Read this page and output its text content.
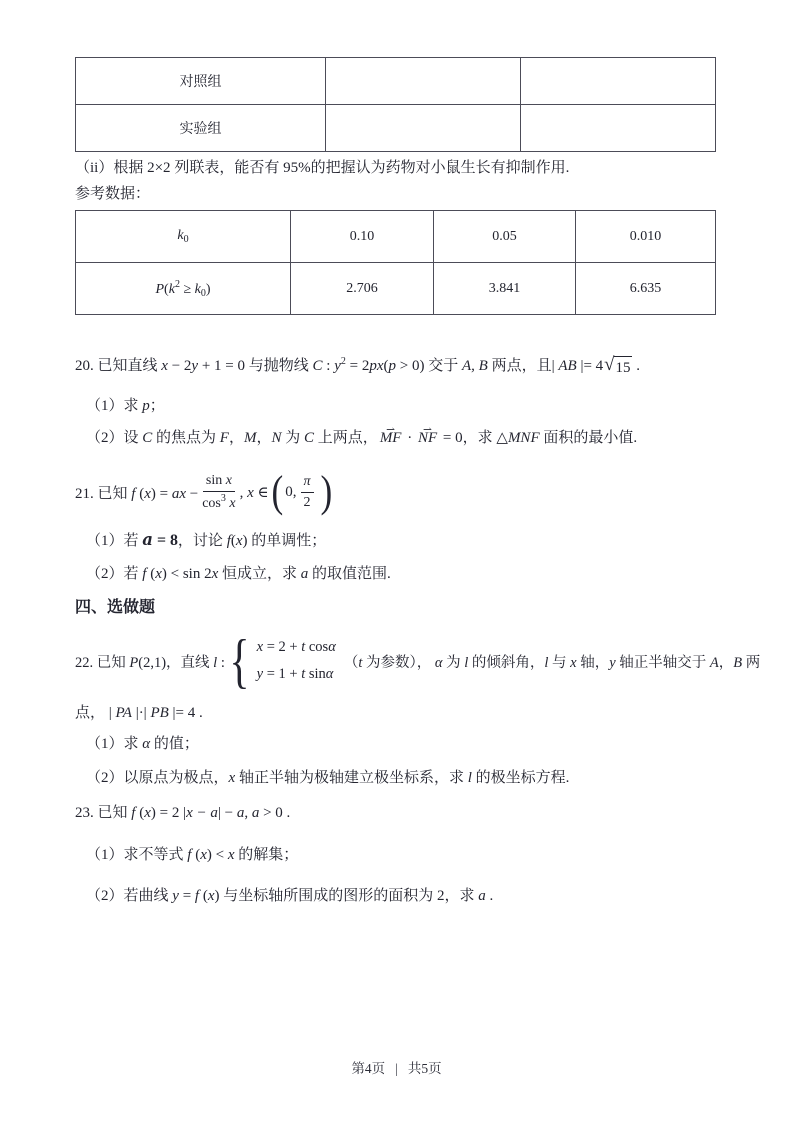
对照组		
实验组		
（ii）根据 2×2 列联表，能否有 95%的把握认为药物对小鼠生长有抑制作用.
参考数据：
$k_0$	0.10	0.05	0.010
$P(k^2 \ge k_0)$	2.706	3.841	6.635
20. 已知直线 x − 2y + 1 = 0 与抛物线 C : $y^2 = 2px(p > 0)$ 交于 A, B 两点，且| AB |= 4 √ 15 .
（1）求 p；
（2）设 C 的焦点为 F，M，N 为 C 上两点， MF ⇀ · NF ⇀ = 0，求 △MNF 面积的最小值.
21. 已知 f (x) = ax − $\frac{\text{sin x}}{\cos^3 x}$ , x ∈ ( 0, $\frac{\pi}{2}$ )
（1）若 a = 8，讨论 f(x) 的单调性；
（2）若 f (x) < sin 2x 恒成立，求 a 的取值范围.
四、选做题
22. 已知 P(2,1)，直线 l : { x = 2 + t cosα
y = 1 + t sinα
（t 为参数）， α 为 l 的倾斜角，l 与 x 轴，y 轴正半轴交于 A，B 两
点， | PA |·| PB |= 4 .
（1）求 α 的值；
（2）以原点为极点，x 轴正半轴为极轴建立极坐标系，求 l 的极坐标方程.
23. 已知 f (x) = 2 |x − a| − a, a > 0 .
（1）求不等式 f (x) < x 的解集；
（2）若曲线 y = f (x) 与坐标轴所围成的图形的面积为 2，求 a .
第4页 | 共5页
